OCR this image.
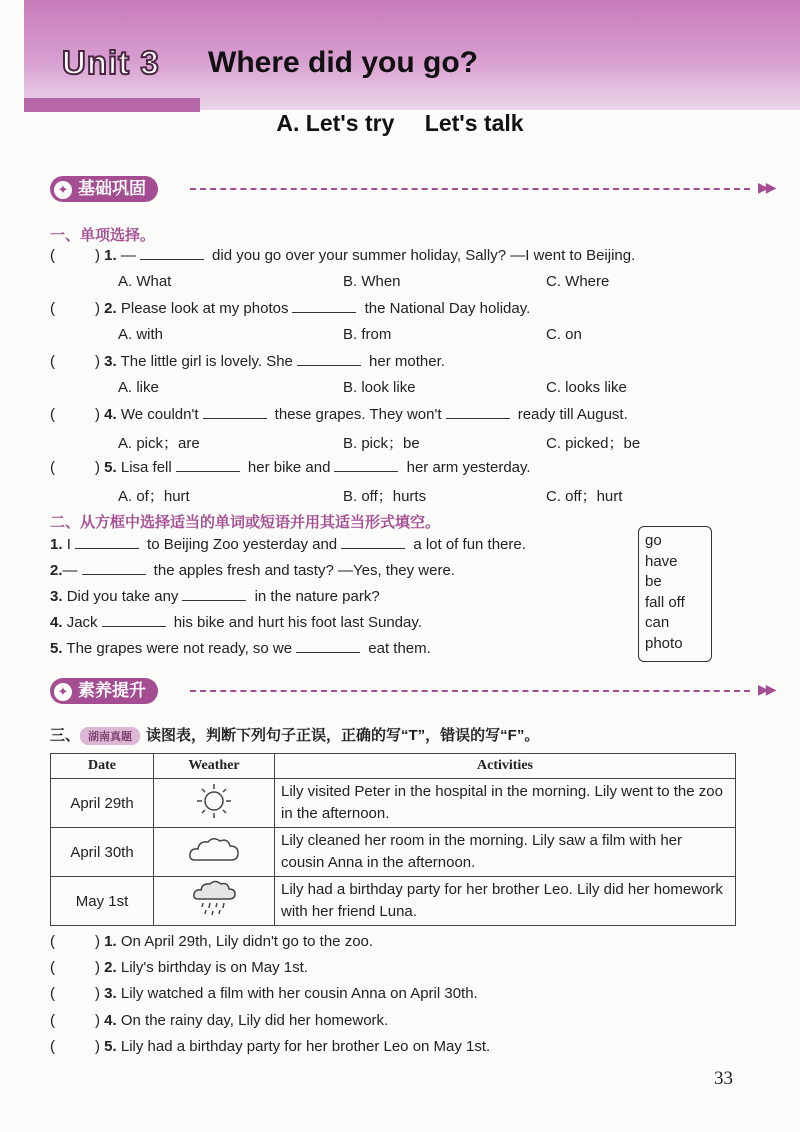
Unit 3 Where did you go?
A. Let's try Let's talk
✦ 基础巩固	▶▶
一、单项选择。
(	) 1. —	did you go over your summer holiday, Sally? —I went to Beijing.
A. What	B. When	C. Where
(	) 2. Please look at my photos	the National Day holiday.
A. with	B. from	C. on
(	) 3. The little girl is lovely. She	her mother.
A. like	B. look like	C. looks like
(	) 4. We couldn't	these grapes. They won't	ready till August.
A. pick；are	B. pick；be	C. picked；be
(	) 5. Lisa fell	her bike and	her arm yesterday.
A. of；hurt	B. off；hurts	C. off；hurt
二、从方框中选择适当的单词或短语并用其适当形式填空。
1. I	to Beijing Zoo yesterday and	a lot of fun there.
2.—	the apples fresh and tasty? —Yes, they were.
3. Did you take any	in the nature park?
4. Jack	his bike and hurt his foot last Sunday.
5. The grapes were not ready, so we	eat them.
go
have
be
fall off
can
photo
✦ 素养提升	▶▶
三、 湖南真题 读图表，判断下列句子正误，正确的写“T”，错误的写“F”。
Date	Weather	Activities
April 29th		Lily visited Peter in the hospital in the morning. Lily went to the zoo in the afternoon.
April 30th		Lily cleaned her room in the morning. Lily saw a film with her cousin Anna in the afternoon.
May 1st		Lily had a birthday party for her brother Leo. Lily did her homework with her friend Luna.
(	) 1. On April 29th, Lily didn't go to the zoo.
(	) 2. Lily's birthday is on May 1st.
(	) 3. Lily watched a film with her cousin Anna on April 30th.
(	) 4. On the rainy day, Lily did her homework.
(	) 5. Lily had a birthday party for her brother Leo on May 1st.
33
